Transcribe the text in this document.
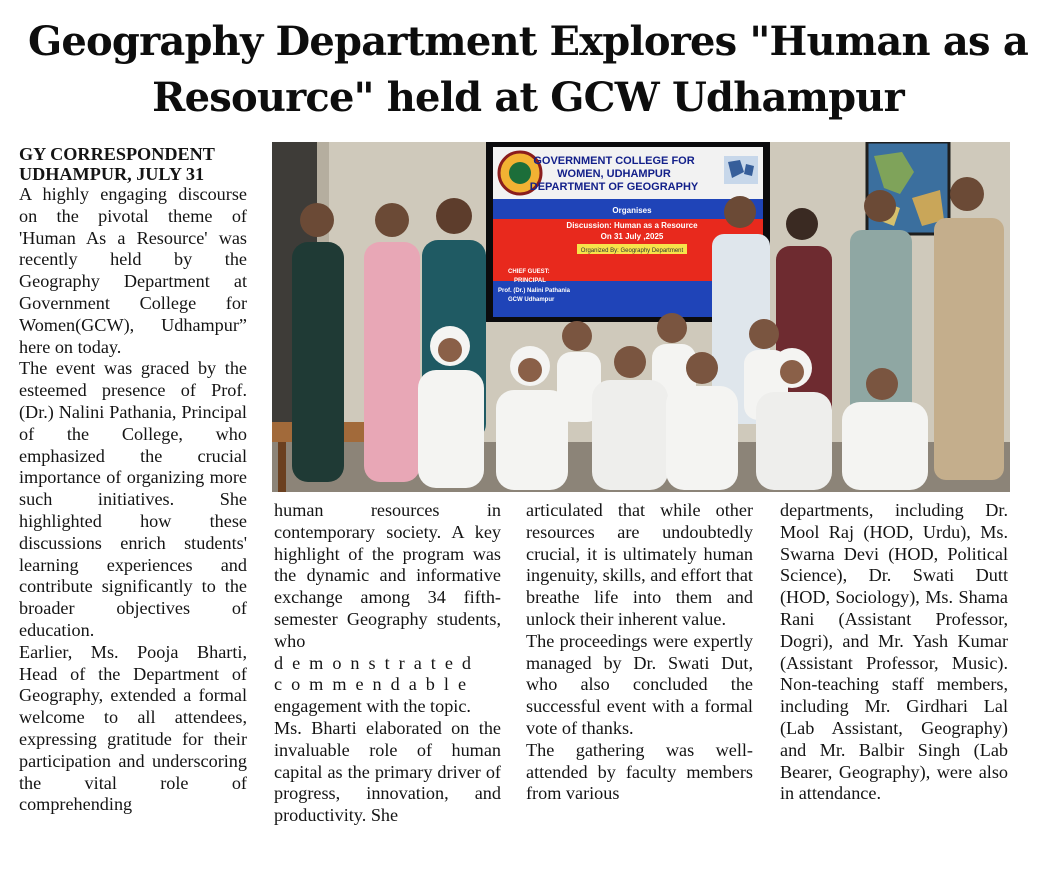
Geography Department Explores "Human as a Resource" held at GCW Udhampur

GY CORRESPONDENT
UDHAMPUR, JULY 31

A highly engaging discourse on the pivotal theme of 'Human As a Resource' was recently held by the Geography Department at Government College for Women(GCW), Udhampur” here on today.

The event was graced by the esteemed presence of Prof. (Dr.) Nalini Pathania, Principal of the College, who emphasized the crucial importance of organizing more such initiatives. She highlighted how these discussions enrich students' learning experiences and contribute significantly to the broader objectives of education.

Earlier, Ms. Pooja Bharti, Head of the Department of Geography, extended a formal welcome to all attendees, expressing gratitude for their participation and underscoring the vital role of comprehending

GOVERNMENT COLLEGE FOR
WOMEN, UDHAMPUR
DEPARTMENT OF GEOGRAPHY
Organises
Discussion: Human as a Resource
On 31 July ,2025
Organized By: Geography Department
CHIEF GUEST:
PRINCIPAL
Prof. (Dr.) Nalini Pathania
GCW Udhampur

human resources in contemporary society. A key highlight of the program was the dynamic and informative exchange among 34 fifth-semester Geography students, who demonstrated commendable engagement with the topic.

Ms. Bharti elaborated on the invaluable role of human capital as the primary driver of progress, innovation, and productivity. She

articulated that while other resources are undoubtedly crucial, it is ultimately human ingenuity, skills, and effort that breathe life into them and unlock their inherent value.

The proceedings were expertly managed by Dr. Swati Dut, who also concluded the successful event with a formal vote of thanks.

The gathering was well-attended by faculty members from various

departments, including Dr. Mool Raj (HOD, Urdu), Ms. Swarna Devi (HOD, Political Science), Dr. Swati Dutt (HOD, Sociology), Ms. Shama Rani (Assistant Professor, Dogri), and Mr. Yash Kumar (Assistant Professor, Music). Non-teaching staff members, including Mr. Girdhari Lal (Lab Assistant, Geography) and Mr. Balbir Singh (Lab Bearer, Geography), were also in attendance.
